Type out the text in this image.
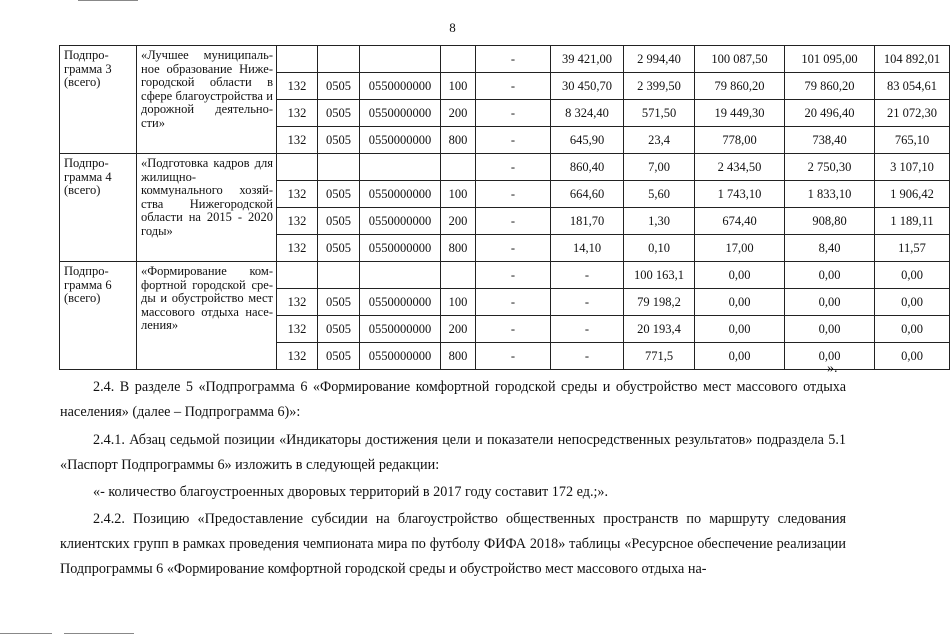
8
Подпро-грамма 3 (всего)	«Лучшее муниципаль-ное образование Ниже-городской области в сфере благоустройства и дорожной деятельно-сти»					-	39 421,00	2 994,40	100 087,50	101 095,00	104 892,01
		132	0505	0550000000	100	-	30 450,70	2 399,50	79 860,20	79 860,20	83 054,61
		132	0505	0550000000	200	-	8 324,40	571,50	19 449,30	20 496,40	21 072,30
		132	0505	0550000000	800	-	645,90	23,4	778,00	738,40	765,10
Подпро-грамма 4 (всего)	«Подготовка кадров для жилищно-коммунального хозяй-ства Нижегородской области на 2015 - 2020 годы»					-	860,40	7,00	2 434,50	2 750,30	3 107,10
		132	0505	0550000000	100	-	664,60	5,60	1 743,10	1 833,10	1 906,42
		132	0505	0550000000	200	-	181,70	1,30	674,40	908,80	1 189,11
		132	0505	0550000000	800	-	14,10	0,10	17,00	8,40	11,57
Подпро-грамма 6 (всего)	«Формирование ком-фортной городской сре-ды и обустройство мест массового отдыха насе-ления»					-	-	100 163,1	0,00	0,00	0,00
		132	0505	0550000000	100	-	-	79 198,2	0,00	0,00	0,00
		132	0505	0550000000	200	-	-	20 193,4	0,00	0,00	0,00
		132	0505	0550000000	800	-	-	771,5	0,00	0,00	0,00
».

2.4. В разделе 5 «Подпрограмма 6 «Формирование комфортной городской среды и обустройство мест массового отдыха населения» (далее – Подпрограмма 6)»:

2.4.1. Абзац седьмой позиции «Индикаторы достижения цели и показатели непосредственных результатов» подраздела 5.1 «Паспорт Подпрограммы 6» изложить в следующей редакции:

«- количество благоустроенных дворовых территорий в 2017 году составит 172 ед.;».

2.4.2. Позицию «Предоставление субсидии на благоустройство общественных пространств по маршруту следования клиентских групп в рамках проведения чемпионата мира по футболу ФИФА 2018» таблицы «Ресурсное обеспечение реализации Подпрограммы 6 «Формирование комфортной городской среды и обустройство мест массового отдыха на-
